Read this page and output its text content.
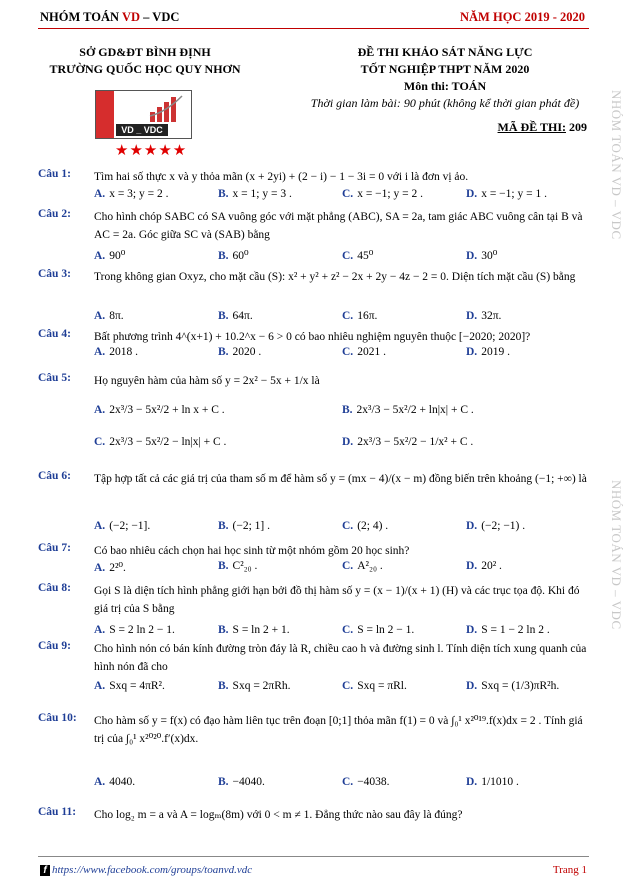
NHÓM TOÁN VD – VDC	NĂM HỌC 2019 - 2020
SỞ GD&ĐT BÌNH ĐỊNH
TRƯỜNG QUỐC HỌC QUY NHƠN
VD _ VDC
★★★★★
ĐỀ THI KHẢO SÁT NĂNG LỰC
TỐT NGHIỆP THPT NĂM 2020
Môn thi: TOÁN
Thời gian làm bài: 90 phút (không kể thời gian phát đề)
MÃ ĐỀ THI: 209 NHÓM TOÁN VD – VDC
NHÓM TOÁN VD – VDC
Câu 1:	Tìm hai số thực x và y thỏa mãn (x + 2yi) + (2 − i) − 1 − 3i = 0 với i là đơn vị ảo.
A. x = 3; y = 2 .	B. x = 1; y = 3 .	C. x = −1; y = 2 .	D. x = −1; y = 1 .
Câu 2:	Cho hình chóp SABC có SA vuông góc với mặt phẳng (ABC), SA = 2a, tam giác ABC vuông cân tại B và AC = 2a. Góc giữa SC và (SAB) bằng
A. 90⁰	B. 60⁰	C. 45⁰	D. 30⁰
Câu 3:	Trong không gian Oxyz, cho mặt cầu (S): x² + y² + z² − 2x + 2y − 4z − 2 = 0. Diện tích mặt cầu (S) bằng
A. 8π.	B. 64π.	C. 16π.	D. 32π.
Câu 4:	Bất phương trình 4^(x+1) + 10.2^x − 6 > 0 có bao nhiêu nghiệm nguyên thuộc [−2020; 2020]?
A. 2018 .	B. 2020 .	C. 2021 .	D. 2019 .
Câu 5:	Họ nguyên hàm của hàm số y = 2x² − 5x + 1/x là
A. 2x³/3 − 5x²/2 + ln x + C .	B. 2x³/3 − 5x²/2 + ln|x| + C .
C. 2x³/3 − 5x²/2 − ln|x| + C .	D. 2x³/3 − 5x²/2 − 1/x² + C .
Câu 6:	Tập hợp tất cả các giá trị của tham số m để hàm số y = (mx − 4)/(x − m) đồng biến trên khoảng (−1; +∞) là
A. (−2; −1].	B. (−2; 1] .	C. (2; 4) .	D. (−2; −1) .
Câu 7:	Có bao nhiêu cách chọn hai học sinh từ một nhóm gồm 20 học sinh?
A. 2²⁰.	B. C²₂₀ .	C. A²₂₀ .	D. 20² .
Câu 8:	Gọi S là diện tích hình phẳng giới hạn bởi đồ thị hàm số y = (x − 1)/(x + 1) (H) và các trục tọa độ. Khi đó giá trị của S bằng
A. S = 2 ln 2 − 1.	B. S = ln 2 + 1.	C. S = ln 2 − 1.	D. S = 1 − 2 ln 2 .
Câu 9:	Cho hình nón có bán kính đường tròn đáy là R, chiều cao h và đường sinh l. Tính diện tích xung quanh của hình nón đã cho
A. Sxq = 4πR².	B. Sxq = 2πRh.	C. Sxq = πRl.	D. Sxq = (1/3)πR²h.
Câu 10:	Cho hàm số y = f(x) có đạo hàm liên tục trên đoạn [0;1] thỏa mãn f(1) = 0 và ∫₀¹ x²⁰¹⁹.f(x)dx = 2 . Tính giá trị của ∫₀¹ x²⁰²⁰.f′(x)dx.
A. 4040.	B. −4040.	C. −4038.	D. 1/1010 .
Câu 11:	Cho log₂ m = a và A = logₘ(8m) với 0 < m ≠ 1. Đẳng thức nào sau đây là đúng?
f https://www.facebook.com/groups/toanvd.vdc	Trang 1
